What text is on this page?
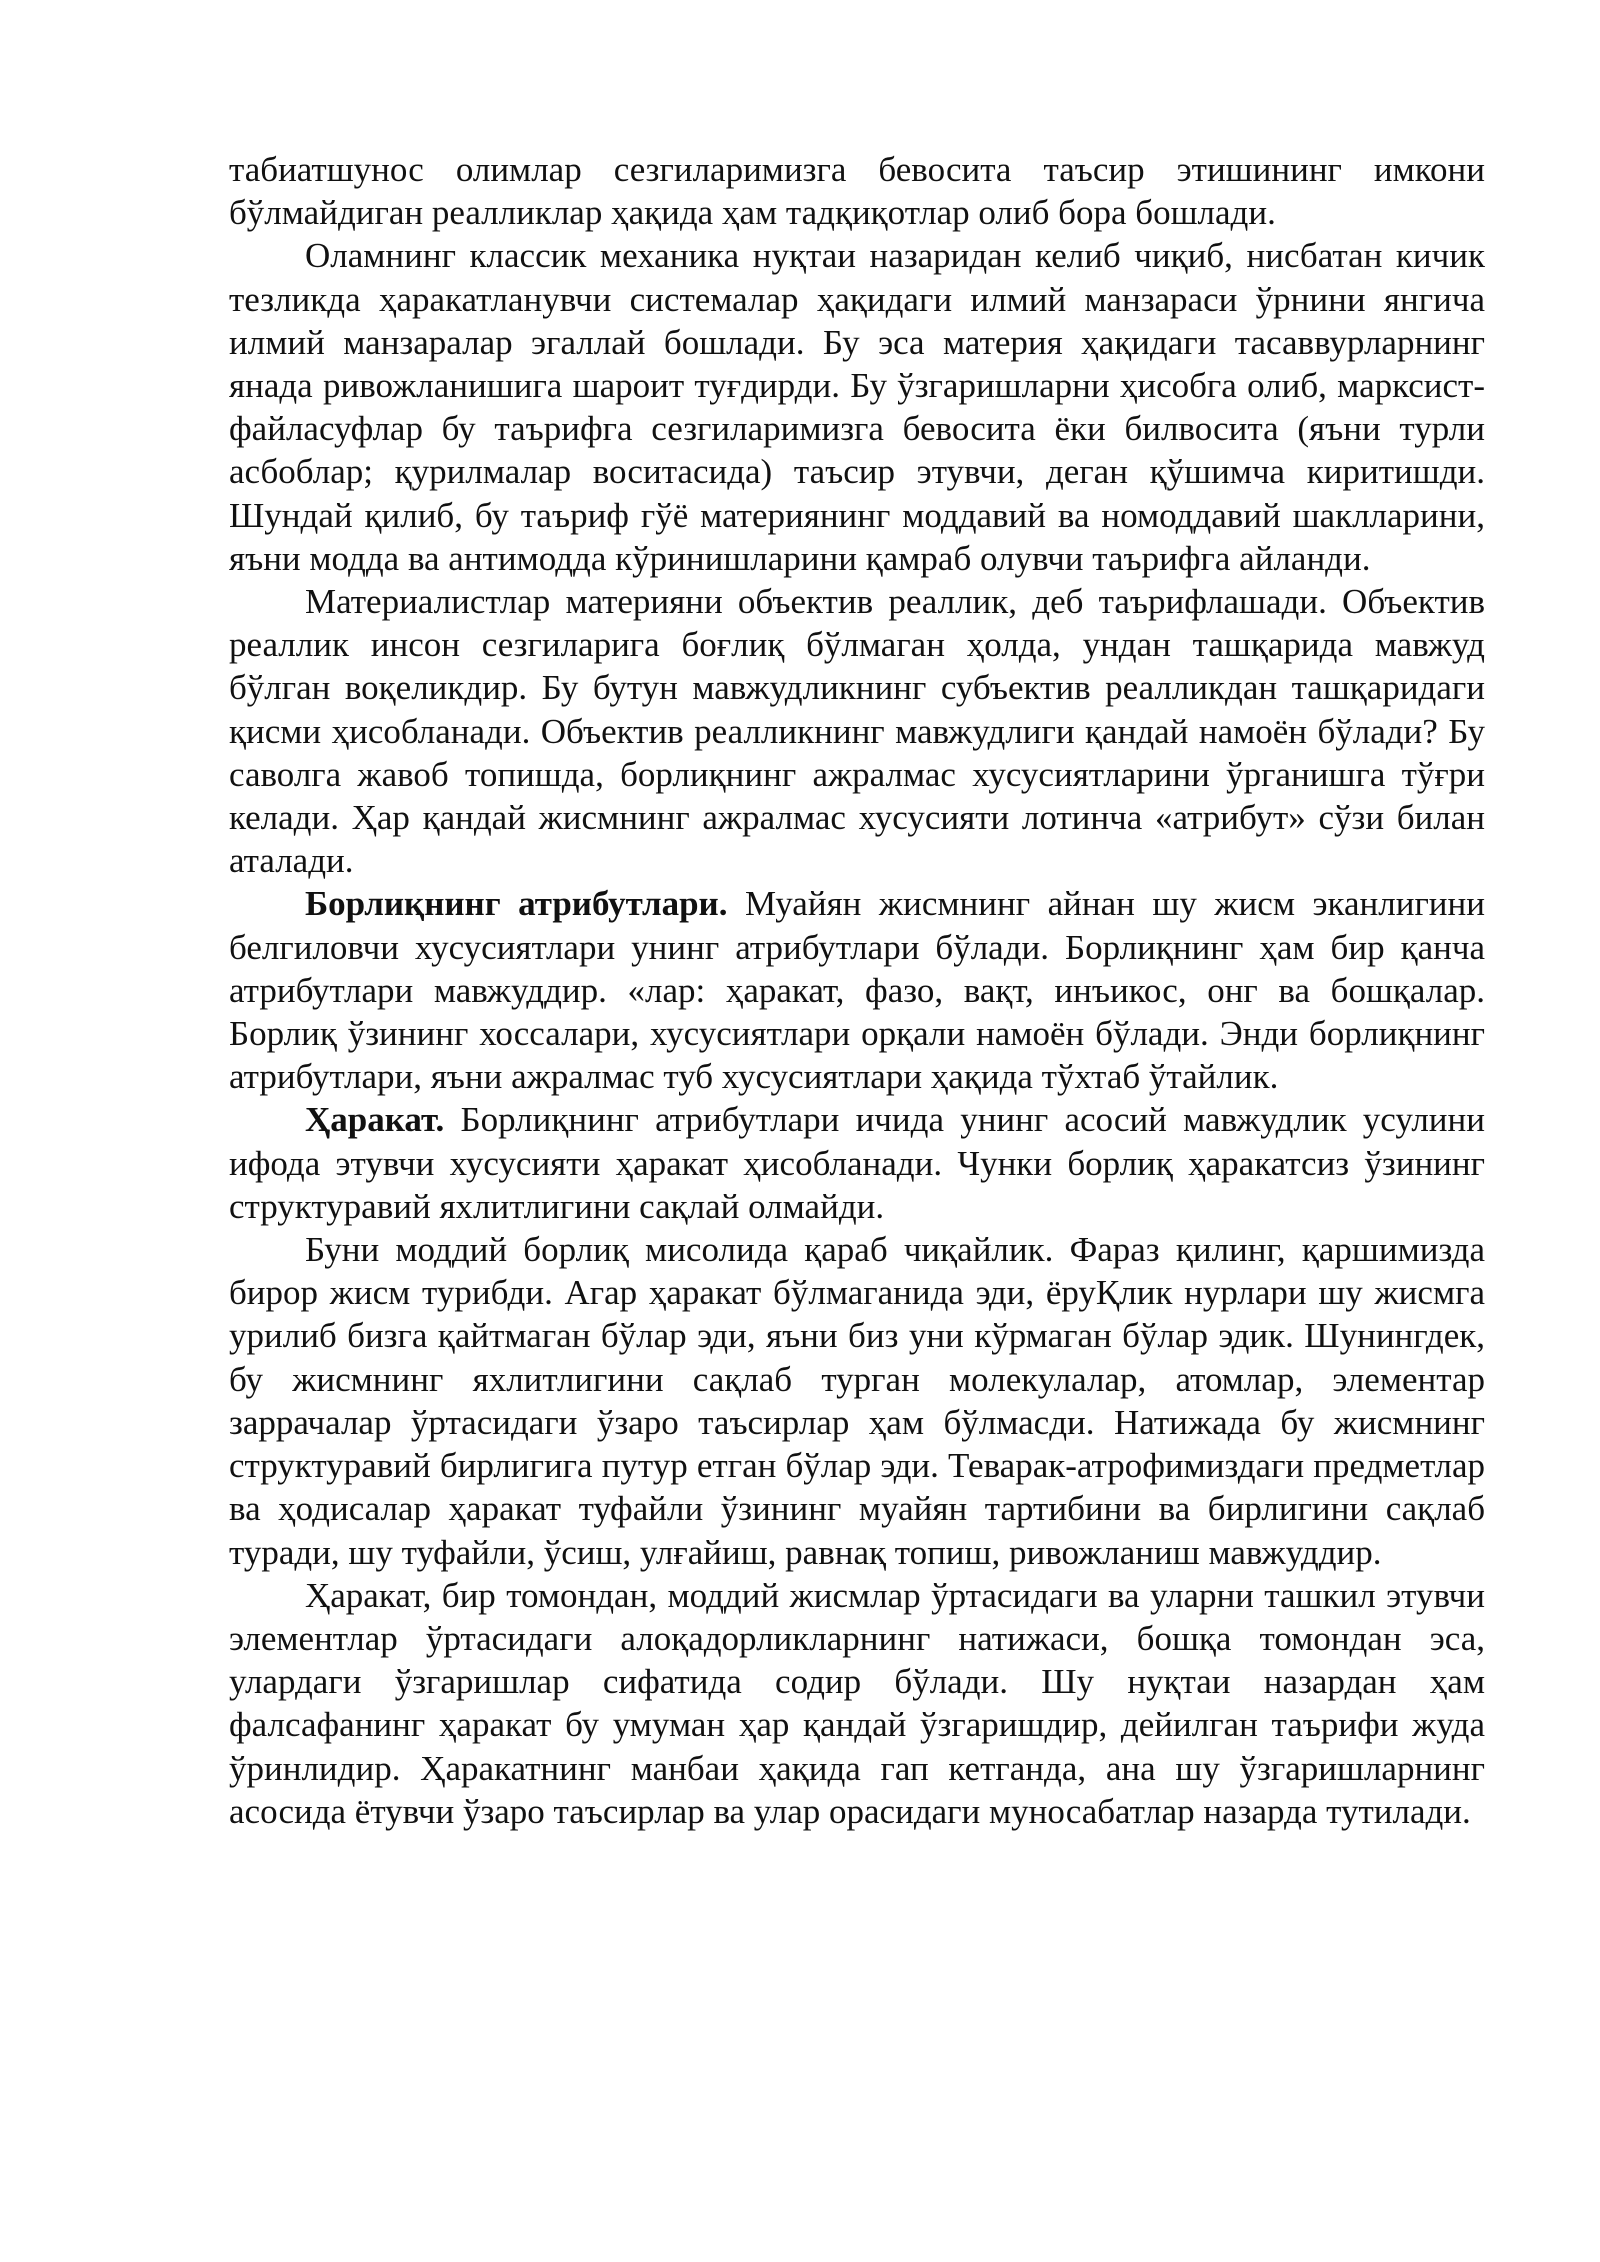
табиатшунос олимлар сезгиларимизга бевосита таъсир этишининг имкони бўлмайдиган реалликлар ҳақида ҳам тадқиқотлар олиб бора бошлади.

Оламнинг классик механика нуқтаи назаридан келиб чиқиб, нисбатан кичик тезликда ҳаракатланувчи системалар ҳақидаги илмий манзараси ўрнини янгича илмий манзаралар эгаллай бошлади. Бу эса материя ҳақидаги тасаввурларнинг янада ривожланишига шароит туғдирди. Бу ўзгаришларни ҳисобга олиб, марксист-файласуфлар бу таърифга сезгиларимизга бевосита ёки билвосита (яъни турли асбоблар; қурилмалар воситасида) таъсир этувчи, деган қўшимча киритишди. Шундай қилиб, бу таъриф гўё материянинг моддавий ва номоддавий шаклларини, яъни модда ва антимодда кўринишларини қамраб олувчи таърифга айланди.

Материалистлар материяни объектив реаллик, деб таърифлашади. Объектив реаллик инсон сезгиларига боғлиқ бўлмаган ҳолда, ундан ташқарида мавжуд бўлган воқеликдир. Бу бутун мавжудликнинг субъектив реалликдан ташқаридаги қисми ҳисобланади. Объектив реалликнинг мавжудлиги қандай намоён бўлади? Бу саволга жавоб топишда, борлиқнинг ажралмас хусусиятларини ўрганишга тўғри келади. Ҳар қандай жисмнинг ажралмас хусусияти лотинча «атрибут» сўзи билан аталади.

Борлиқнинг атрибутлари. Муайян жисмнинг айнан шу жисм эканлигини белгиловчи хусусиятлари унинг атрибутлари бўлади. Борлиқнинг ҳам бир қанча атрибутлари мавжуддир. «лар: ҳаракат, фазо, вақт, инъикос, онг ва бошқалар. Борлиқ ўзининг хоссалари, хусусиятлари орқали намоён бўлади. Энди борлиқнинг атрибутлари, яъни ажралмас туб хусусиятлари ҳақида тўхтаб ўтайлик.

Ҳаракат. Борлиқнинг атрибутлари ичида унинг асосий мавжудлик усулини ифода этувчи хусусияти ҳаракат ҳисобланади. Чунки борлиқ ҳаракатсиз ўзининг структуравий яхлитлигини сақлай олмайди.

Буни моддий борлиқ мисолида қараб чиқайлик. Фараз қилинг, қаршимизда бирор жисм турибди. Агар ҳаракат бўлмаганида эди, ёруҚлик нурлари шу жисмга урилиб бизга қайтмаган бўлар эди, яъни биз уни кўрмаган бўлар эдик. Шунингдек, бу жисмнинг яхлитлигини сақлаб турган молекулалар, атомлар, элементар заррачалар ўртасидаги ўзаро таъсирлар ҳам бўлмасди. Натижада бу жисмнинг структуравий бирлигига путур етган бўлар эди. Теварак-атрофимиздаги предметлар ва ҳодисалар ҳаракат туфайли ўзининг муайян тартибини ва бирлигини сақлаб туради, шу туфайли, ўсиш, улғайиш, равнақ топиш, ривожланиш мавжуддир.

Ҳаракат, бир томондан, моддий жисмлар ўртасидаги ва уларни ташкил этувчи элементлар ўртасидаги алоқадорликларнинг натижаси, бошқа томондан эса, улардаги ўзгаришлар сифатида содир бўлади. Шу нуқтаи назардан ҳам фалсафанинг ҳаракат бу умуман ҳар қандай ўзгаришдир, дейилган таърифи жуда ўринлидир. Ҳаракатнинг манбаи ҳақида гап кетганда, ана шу ўзгаришларнинг асосида ётувчи ўзаро таъсирлар ва улар орасидаги муносабатлар назарда тутилади.
